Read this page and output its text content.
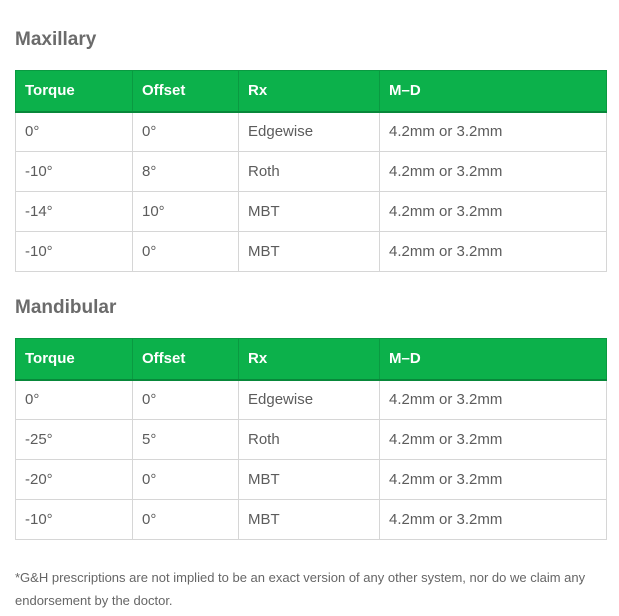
Maxillary
Torque	Offset	Rx	M–D
0°	0°	Edgewise	4.2mm or 3.2mm
-10°	8°	Roth	4.2mm or 3.2mm
-14°	10°	MBT	4.2mm or 3.2mm
-10°	0°	MBT	4.2mm or 3.2mm
Mandibular
Torque	Offset	Rx	M–D
0°	0°	Edgewise	4.2mm or 3.2mm
-25°	5°	Roth	4.2mm or 3.2mm
-20°	0°	MBT	4.2mm or 3.2mm
-10°	0°	MBT	4.2mm or 3.2mm

*G&H prescriptions are not implied to be an exact version of any other system, nor do we claim any endorsement by the doctor.
